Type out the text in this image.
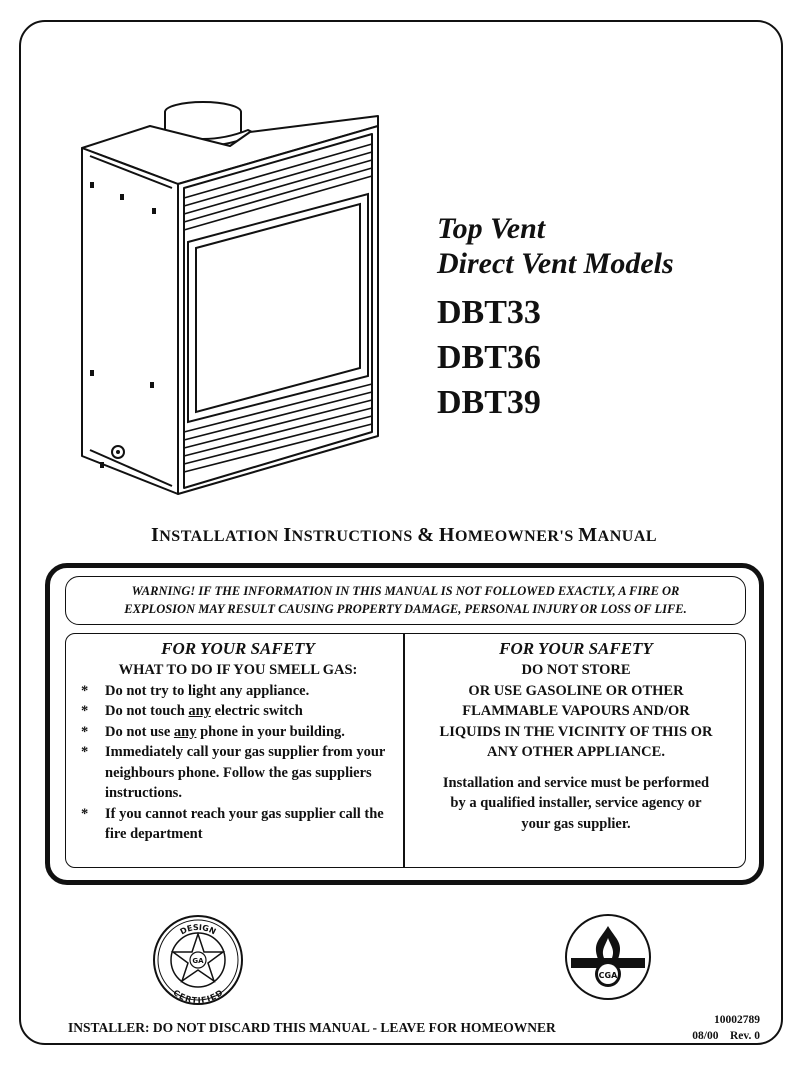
Top Vent
Direct Vent Models
DBT33
DBT36
DBT39
INSTALLATION INSTRUCTIONS & HOMEOWNER'S MANUAL
WARNING! IF THE INFORMATION IN THIS MANUAL IS NOT FOLLOWED EXACTLY, A FIRE OR
EXPLOSION MAY RESULT CAUSING PROPERTY DAMAGE, PERSONAL INJURY OR LOSS OF LIFE.
FOR YOUR SAFETY
WHAT TO DO IF YOU SMELL GAS:
* Do not try to light any appliance.
* Do not touch any electric switch
* Do not use any phone in your building.
* Immediately call your gas supplier from your neighbours phone. Follow the gas suppliers instructions.
* If you cannot reach your gas supplier call the fire department
FOR YOUR SAFETY
DO NOT STORE
OR USE GASOLINE OR OTHER
FLAMMABLE VAPOURS AND/OR
LIQUIDS IN THE VICINITY OF THIS OR
ANY OTHER APPLIANCE.
Installation and service must be performed
by a qualified installer, service agency or
your gas supplier.
DESIGN
CERTIFIED
GA
CGA
INSTALLER: DO NOT DISCARD THIS MANUAL - LEAVE FOR HOMEOWNER	10002789
08/00    Rev. 0
